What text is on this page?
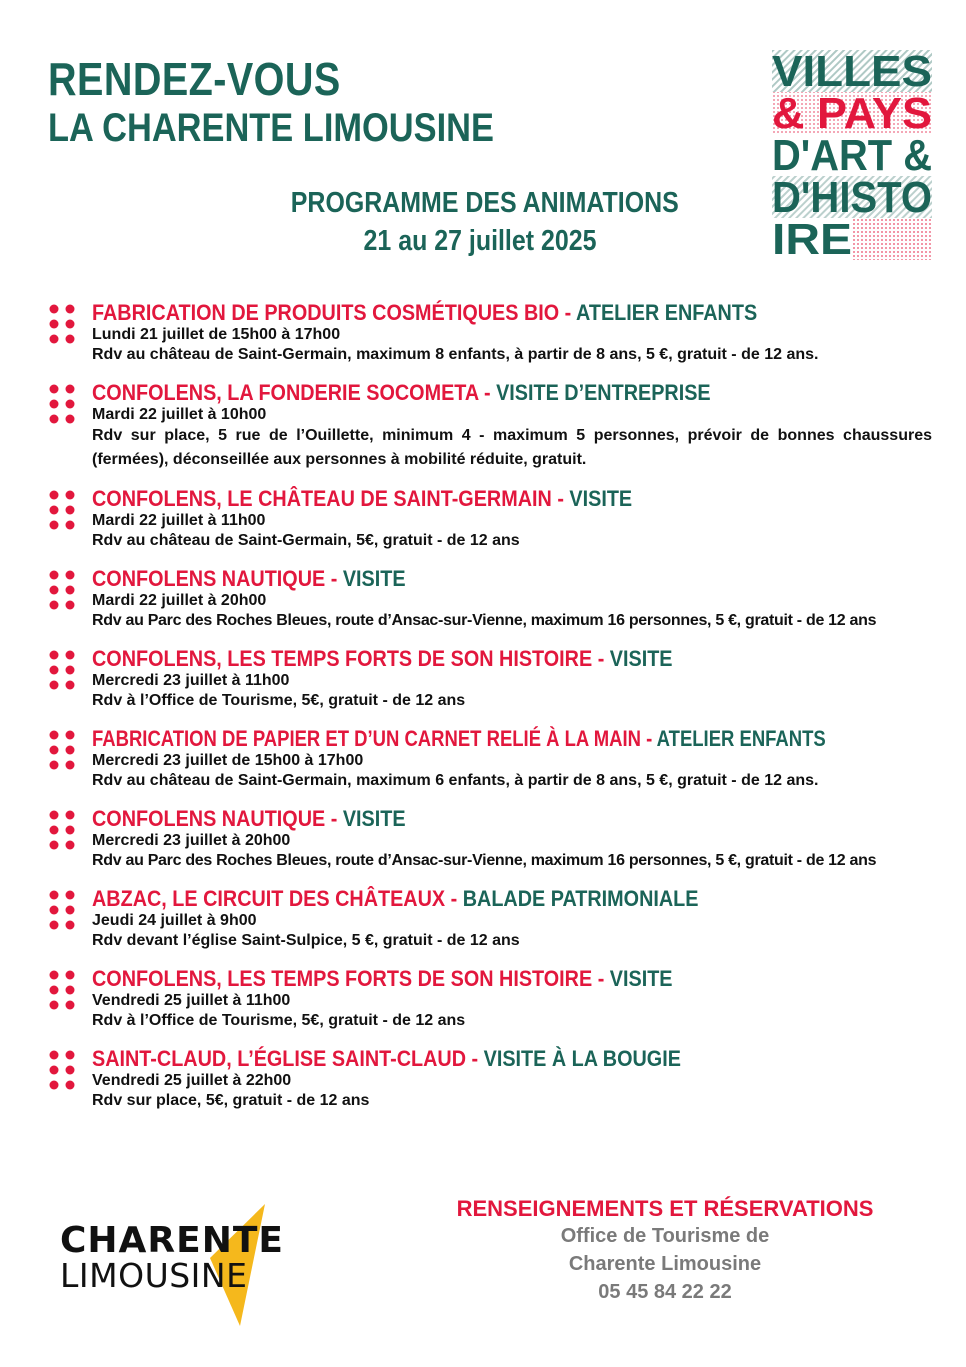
RENDEZ-VOUS
LA CHARENTE LIMOUSINE
PROGRAMME DES ANIMATIONS
21 au 27 juillet 2025
VILLES
& PAYS
D'ART &
D'HISTO
IRE
FABRICATION DE PRODUITS COSMÉTIQUES BIO - ATELIER ENFANTS
Lundi 21 juillet de 15h00 à 17h00
Rdv au château de Saint-Germain, maximum 8 enfants, à partir de 8 ans, 5 €, gratuit - de 12 ans.
CONFOLENS, LA FONDERIE SOCOMETA - VISITE D’ENTREPRISE
Mardi 22 juillet à 10h00
Rdv sur place, 5 rue de l’Ouillette, minimum 4 - maximum 5 personnes, prévoir de bonnes chaussures (fermées), déconseillée aux personnes à mobilité réduite, gratuit.
CONFOLENS, LE CHÂTEAU DE SAINT-GERMAIN - VISITE
Mardi 22 juillet à 11h00
Rdv au château de Saint-Germain, 5€, gratuit - de 12 ans
CONFOLENS NAUTIQUE - VISITE
Mardi 22 juillet à 20h00
Rdv au Parc des Roches Bleues, route d’Ansac-sur-Vienne, maximum 16 personnes, 5 €, gratuit - de 12 ans
CONFOLENS, LES TEMPS FORTS DE SON HISTOIRE - VISITE
Mercredi 23 juillet à 11h00
Rdv à l’Office de Tourisme, 5€, gratuit - de 12 ans
FABRICATION DE PAPIER ET D’UN CARNET RELIÉ À LA MAIN - ATELIER ENFANTS
Mercredi 23 juillet de 15h00 à 17h00
Rdv au château de Saint-Germain, maximum 6 enfants, à partir de 8 ans, 5 €, gratuit - de 12 ans.
CONFOLENS NAUTIQUE - VISITE
Mercredi 23 juillet à 20h00
Rdv au Parc des Roches Bleues, route d’Ansac-sur-Vienne, maximum 16 personnes, 5 €, gratuit - de 12 ans
ABZAC, LE CIRCUIT DES CHÂTEAUX - BALADE PATRIMONIALE
Jeudi 24 juillet à 9h00
Rdv devant l’église Saint-Sulpice, 5 €, gratuit - de 12 ans
CONFOLENS, LES TEMPS FORTS DE SON HISTOIRE - VISITE
Vendredi 25 juillet à 11h00
Rdv à l’Office de Tourisme, 5€, gratuit - de 12 ans
SAINT-CLAUD, L’ÉGLISE SAINT-CLAUD - VISITE À LA BOUGIE
Vendredi 25 juillet à 22h00
Rdv sur place, 5€, gratuit - de 12 ans
CHARENTE
LIMOUSINE
RENSEIGNEMENTS ET RÉSERVATIONS
Office de Tourisme de
Charente Limousine
05 45 84 22 22
